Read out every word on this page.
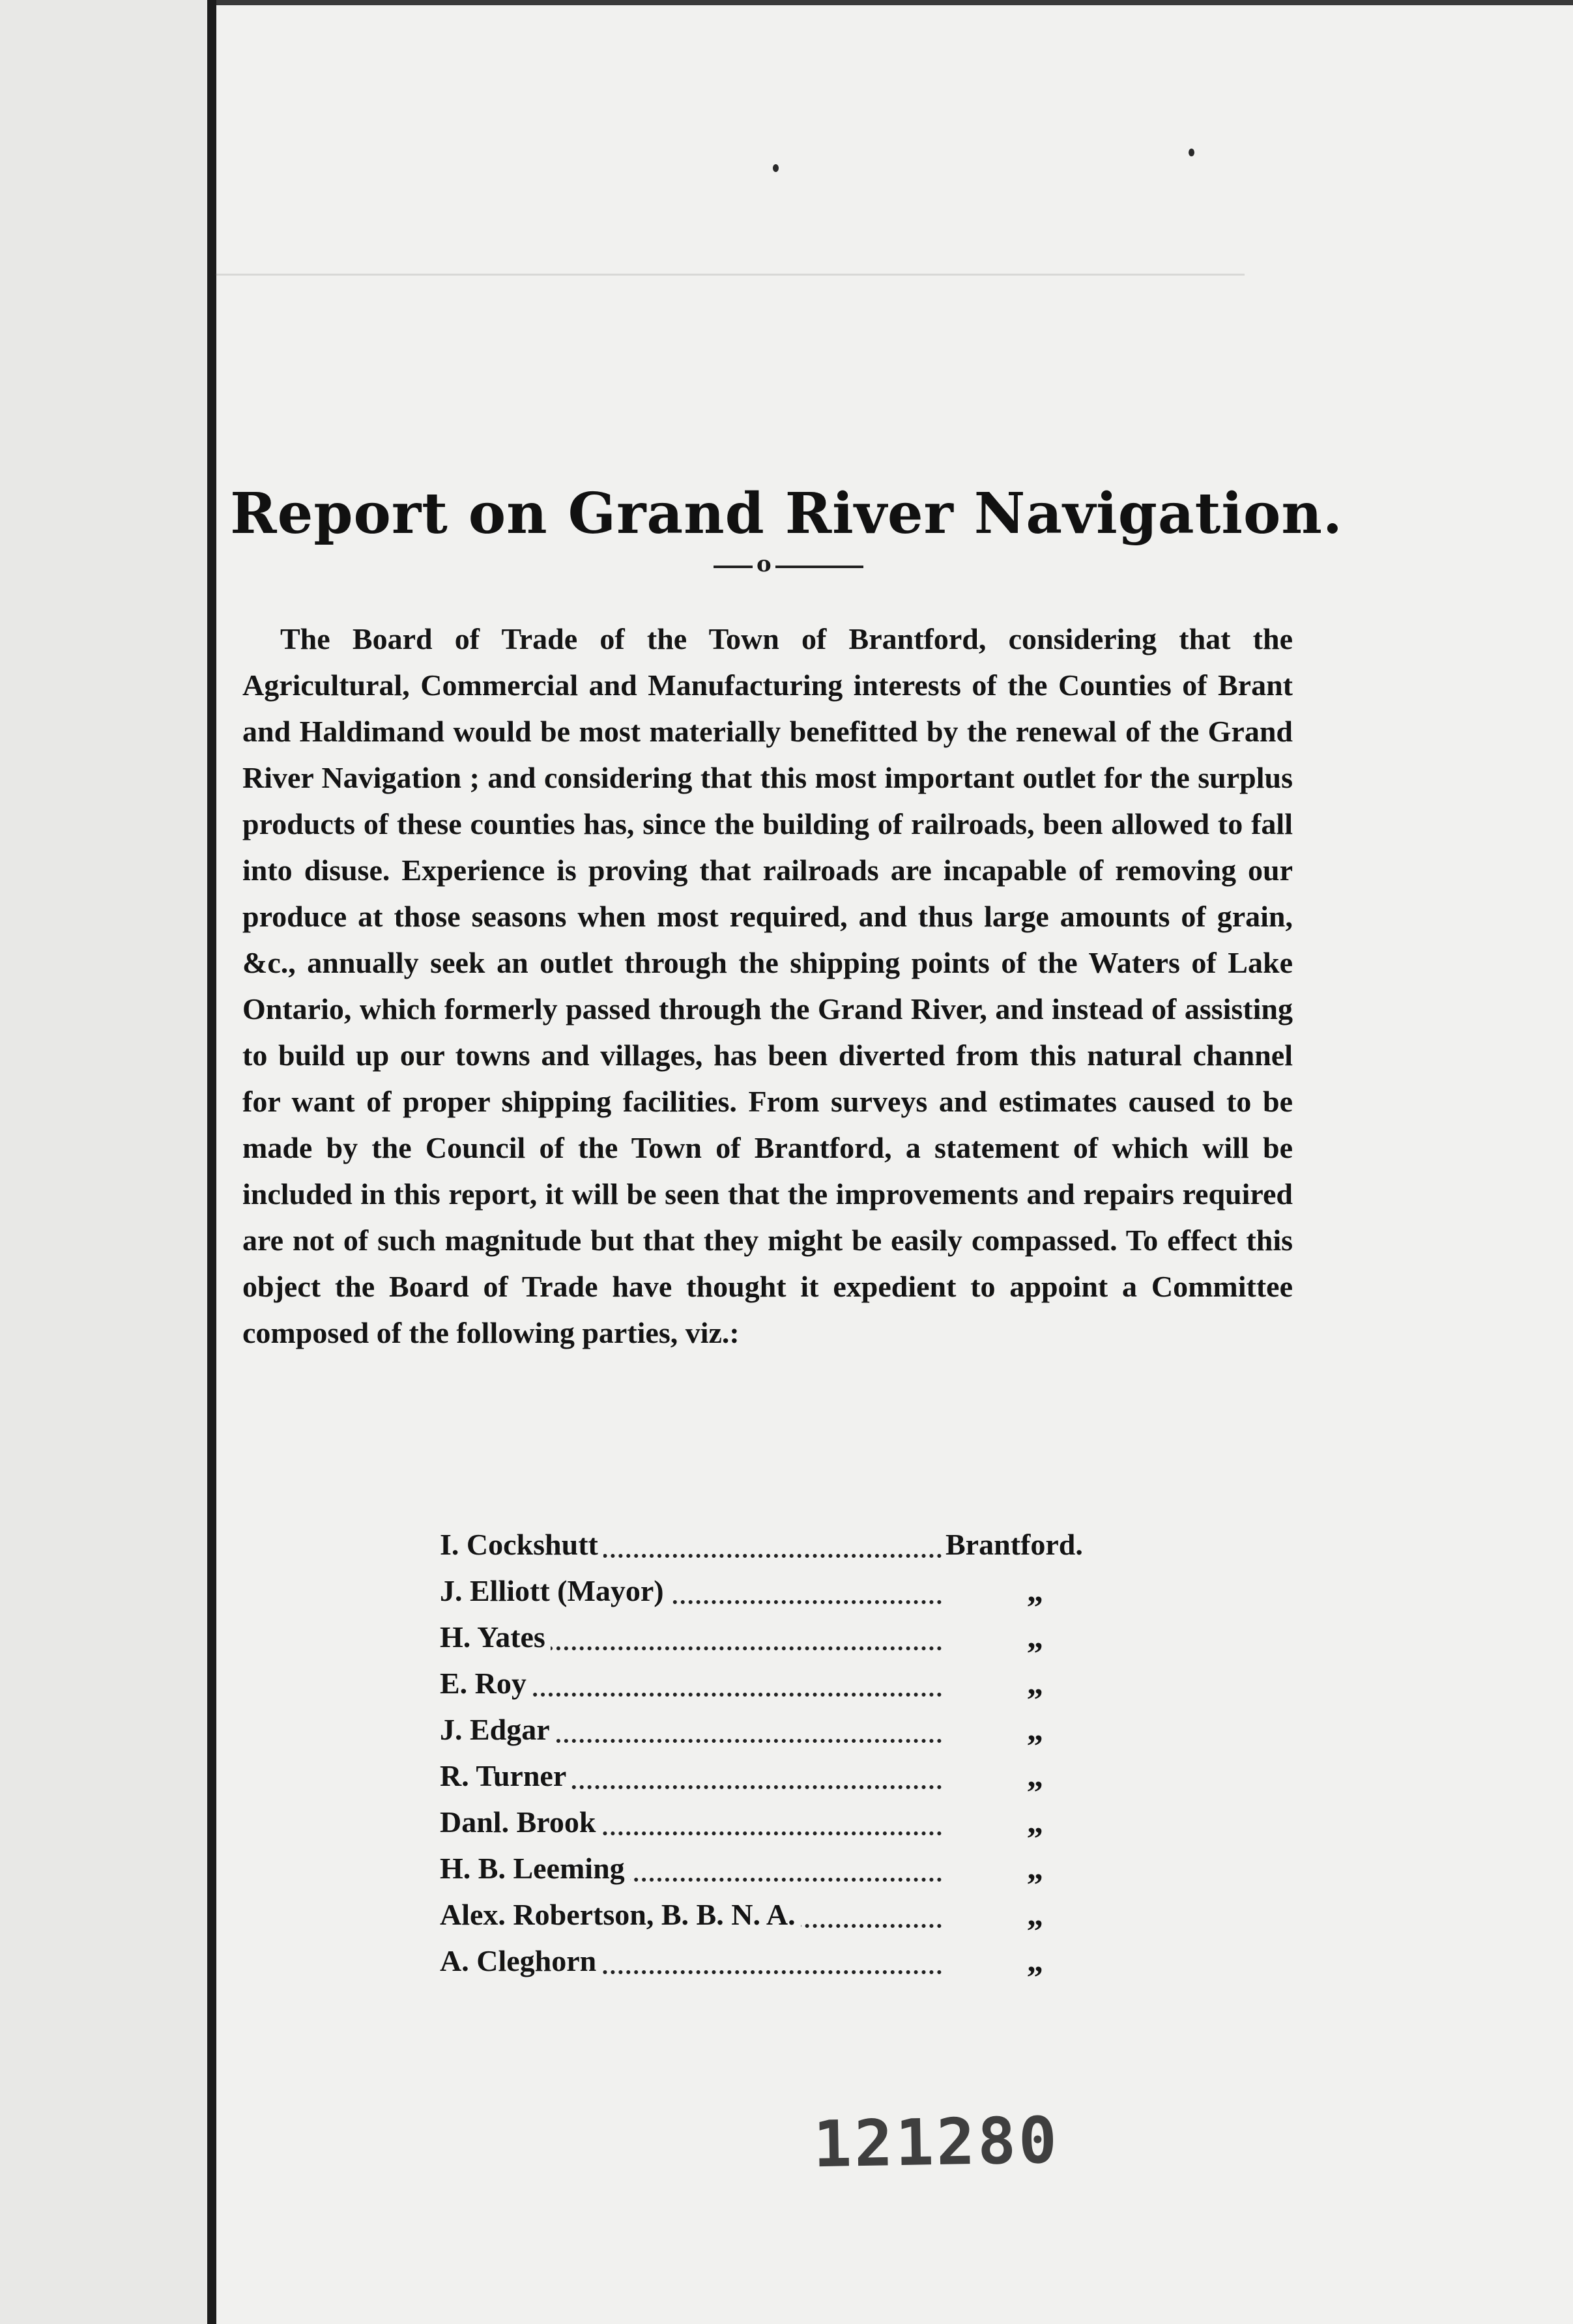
Report on Grand River Navigation.
o

The Board of Trade of the Town of Brantford, considering that the Agricultural, Commercial and Manufacturing interests of the Counties of Brant and Haldimand would be most materially benefitted by the renewal of the Grand River Navigation ; and considering that this most important outlet for the surplus products of these counties has, since the building of railroads, been allowed to fall into disuse. Experience is proving that railroads are incapable of removing our produce at those seasons when most required, and thus large amounts of grain, &c., annually seek an outlet through the shipping points of the Waters of Lake Ontario, which formerly passed through the Grand River, and instead of assisting to build up our towns and villages, has been diverted from this natural channel for want of proper shipping facilities. From surveys and estimates caused to be made by the Council of the Town of Brantford, a statement of which will be included in this report, it will be seen that the improvements and repairs required are not of such magnitude but that they might be easily compassed. To effect this object the Board of Trade have thought it expedient to appoint a Committee composed of the following parties, viz.:

I. Cockshutt	Brantford.
J. Elliott (Mayor)	„
H. Yates	„
E. Roy	„
J. Edgar	„
R. Turner	„
Danl. Brook	„
H. B. Leeming	„
Alex. Robertson, B. B. N. A.	„
A. Cleghorn	„
121280
